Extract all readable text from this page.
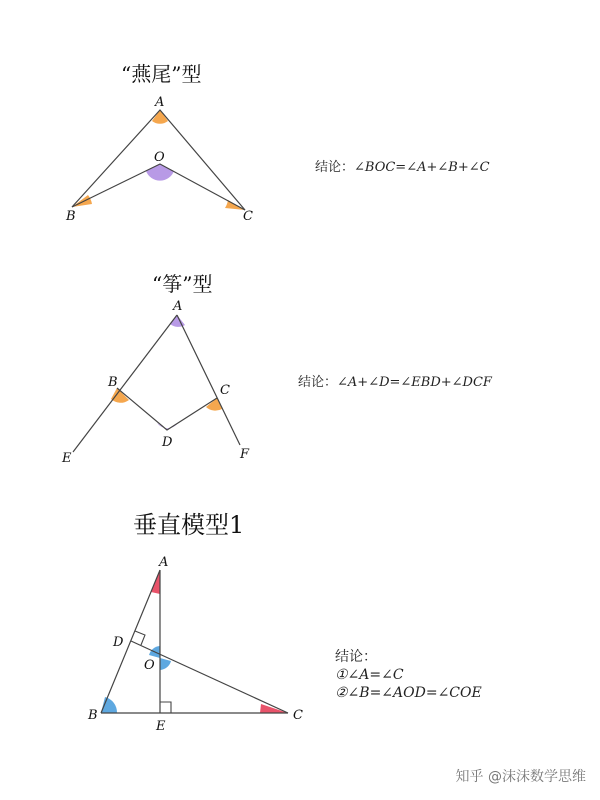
“燕尾”型
“筝”型
垂直模型1
结论：∠BOC=∠A+∠B+∠C
结论：∠A+∠D=∠EBD+∠DCF
结论：
①∠A=∠C
②∠B=∠AOD=∠COE
A
O
B	C
A
B
C
D
E	F
A
D
O
B
E
C
知乎 @沫沫数学思维
